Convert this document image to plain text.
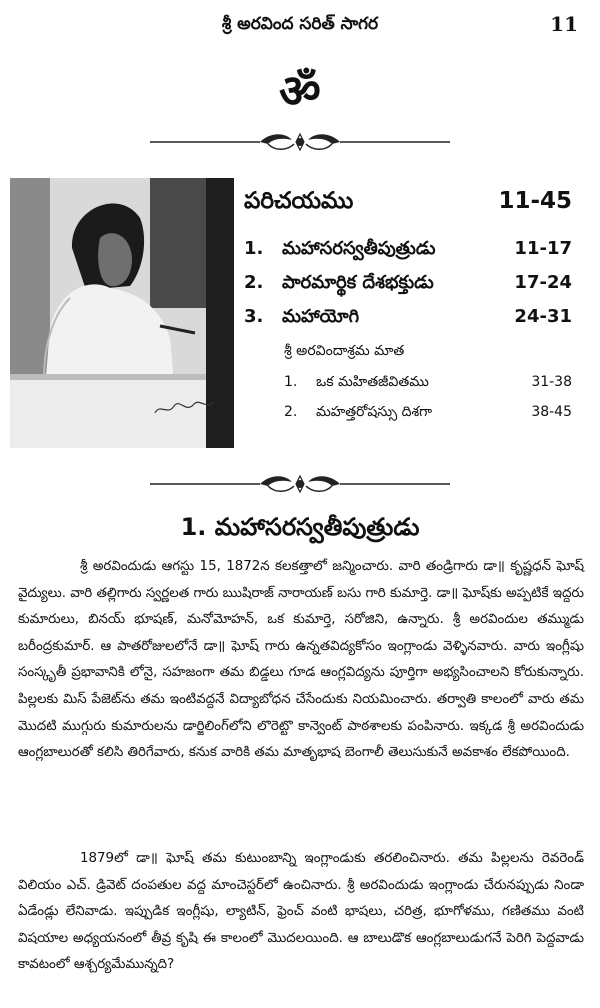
శ్రీ అరవింద సరిత్ సాగర	11
ॐ
పరిచయము	11-45
1.	మహాసరస్వతీపుత్రుడు	11-17
2.	పారమార్థిక దేశభక్తుడు	17-24
3.	మహాయోగి	24-31
శ్రీ అరవిందాశ్రమ మాత
1.	ఒక మహితజీవితము	31-38
2.	మహత్తరోషస్సు దిశగా	38-45
1. మహాసరస్వతీపుత్రుడు

శ్రీ అరవిందుడు ఆగస్టు 15, 1872న కలకత్తాలో జన్మించారు. వారి తండ్రిగారు డా॥ కృష్ణధన్ ఘోష్ వైద్యులు. వారి తల్లిగారు స్వర్ణలత గారు ఋషిరాజ్ నారాయణ్ బసు గారి కుమార్తె. డా॥ ఘోష్‌కు అప్పటికే ఇద్దరు కుమారులు, బినయ్ భూషణ్, మనోమోహన్, ఒక కుమార్తె, సరోజిని, ఉన్నారు. శ్రీ అరవిందుల తమ్ముడు బరీంద్రకుమార్. ఆ పాతరోజులలోనే డా॥ ఘోష్ గారు ఉన్నతవిద్యకోసం ఇంగ్లాండు వెళ్ళినవారు. వారు ఇంగ్లీషు సంస్కృతీ ప్రభావానికి లోనై, సహజంగా తమ బిడ్డలు గూడ ఆంగ్లవిద్యను పూర్తిగా అభ్యసించాలని కోరుకున్నారు. పిల్లలకు మిస్ పేజెట్‌ను తమ ఇంటివద్దనే విద్యాబోధన చేసేందుకు నియమించారు. తర్వాతి కాలంలో వారు తమ మొదటి ముగ్గురు కుమారులను డార్జిలింగ్‌లోని లొరెట్టొ కాన్వెంట్ పాఠశాలకు పంపినారు. ఇక్కడ శ్రీ అరవిందుడు ఆంగ్లబాలురతో కలిసి తిరిగేవారు, కనుక వారికి తమ మాతృభాష బెంగాలీ తెలుసుకునే అవకాశం లేకపోయింది.

1879లో డా॥ ఘోష్ తమ కుటుంబాన్ని ఇంగ్లాండుకు తరలించినారు. తమ పిల్లలను రెవరెండ్ విలియం ఎచ్. డ్రివెట్ దంపతుల వద్ద మాంచెస్టర్‌లో ఉంచినారు. శ్రీ అరవిందుడు ఇంగ్లాండు చేరునప్పుడు నిండా ఏడేండ్లు లేనివాడు. ఇప్పుడిక ఇంగ్లీషు, ల్యాటిన్, ఫ్రెంచ్ వంటి భాషలు, చరిత్ర, భూగోళము, గణితము వంటి విషయాల అధ్యయనంలో తీవ్ర కృషి ఈ కాలంలో మొదలయింది. ఆ బాలుడొక ఆంగ్లబాలుడుగనే పెరిగి పెద్దవాడు కావటంలో ఆశ్చర్యమేమున్నది?
